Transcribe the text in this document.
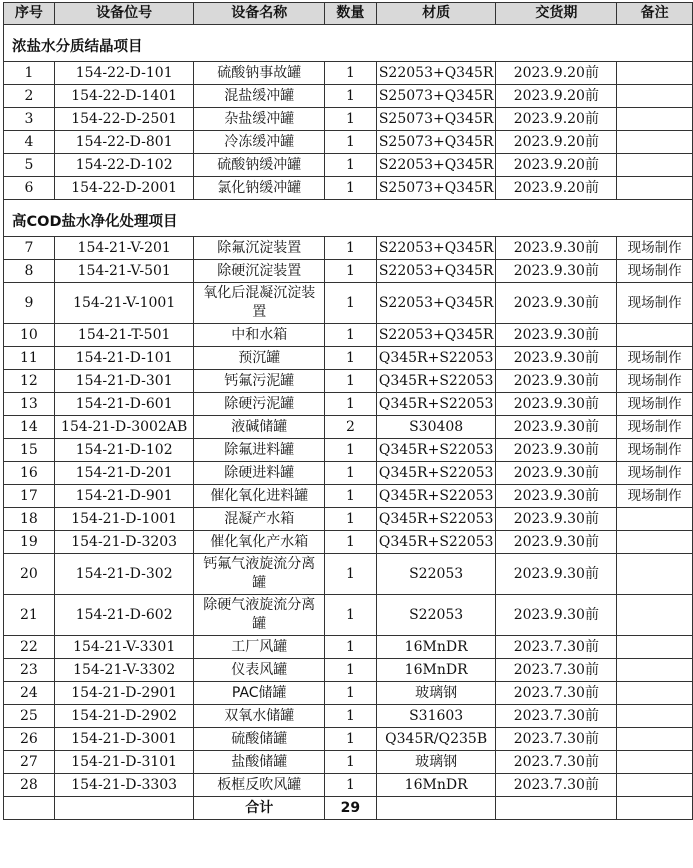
序号	设备位号	设备名称	数量	材质	交货期	备注
浓盐水分质结晶项目						
1	154-22-D-101	硫酸钠事故罐	1	S22053+Q345R	2023.9.20前	
2	154-22-D-1401	混盐缓冲罐	1	S25073+Q345R	2023.9.20前	
3	154-22-D-2501	杂盐缓冲罐	1	S25073+Q345R	2023.9.20前	
4	154-22-D-801	冷冻缓冲罐	1	S25073+Q345R	2023.9.20前	
5	154-22-D-102	硫酸钠缓冲罐	1	S22053+Q345R	2023.9.20前	
6	154-22-D-2001	氯化钠缓冲罐	1	S25073+Q345R	2023.9.20前	
高COD盐水净化处理项目						
7	154-21-V-201	除氟沉淀装置	1	S22053+Q345R	2023.9.30前	现场制作
8	154-21-V-501	除硬沉淀装置	1	S22053+Q345R	2023.9.30前	现场制作
9	154-21-V-1001	氧化后混凝沉淀装置	1	S22053+Q345R	2023.9.30前	现场制作
10	154-21-T-501	中和水箱	1	S22053+Q345R	2023.9.30前	
11	154-21-D-101	预沉罐	1	Q345R+S22053	2023.9.30前	现场制作
12	154-21-D-301	钙氟污泥罐	1	Q345R+S22053	2023.9.30前	现场制作
13	154-21-D-601	除硬污泥罐	1	Q345R+S22053	2023.9.30前	现场制作
14	154-21-D-3002AB	液碱储罐	2	S30408	2023.9.30前	现场制作
15	154-21-D-102	除氟进料罐	1	Q345R+S22053	2023.9.30前	现场制作
16	154-21-D-201	除硬进料罐	1	Q345R+S22053	2023.9.30前	现场制作
17	154-21-D-901	催化氧化进料罐	1	Q345R+S22053	2023.9.30前	现场制作
18	154-21-D-1001	混凝产水箱	1	Q345R+S22053	2023.9.30前	
19	154-21-D-3203	催化氧化产水箱	1	Q345R+S22053	2023.9.30前	
20	154-21-D-302	钙氟气液旋流分离罐	1	S22053	2023.9.30前	
21	154-21-D-602	除硬气液旋流分离罐	1	S22053	2023.9.30前	
22	154-21-V-3301	工厂风罐	1	16MnDR	2023.7.30前	
23	154-21-V-3302	仪表风罐	1	16MnDR	2023.7.30前	
24	154-21-D-2901	PAC储罐	1	玻璃钢	2023.7.30前	
25	154-21-D-2902	双氧水储罐	1	S31603	2023.7.30前	
26	154-21-D-3001	硫酸储罐	1	Q345R/Q235B	2023.7.30前	
27	154-21-D-3101	盐酸储罐	1	玻璃钢	2023.7.30前	
28	154-21-D-3303	板框反吹风罐	1	16MnDR	2023.7.30前	
		合计	29			
